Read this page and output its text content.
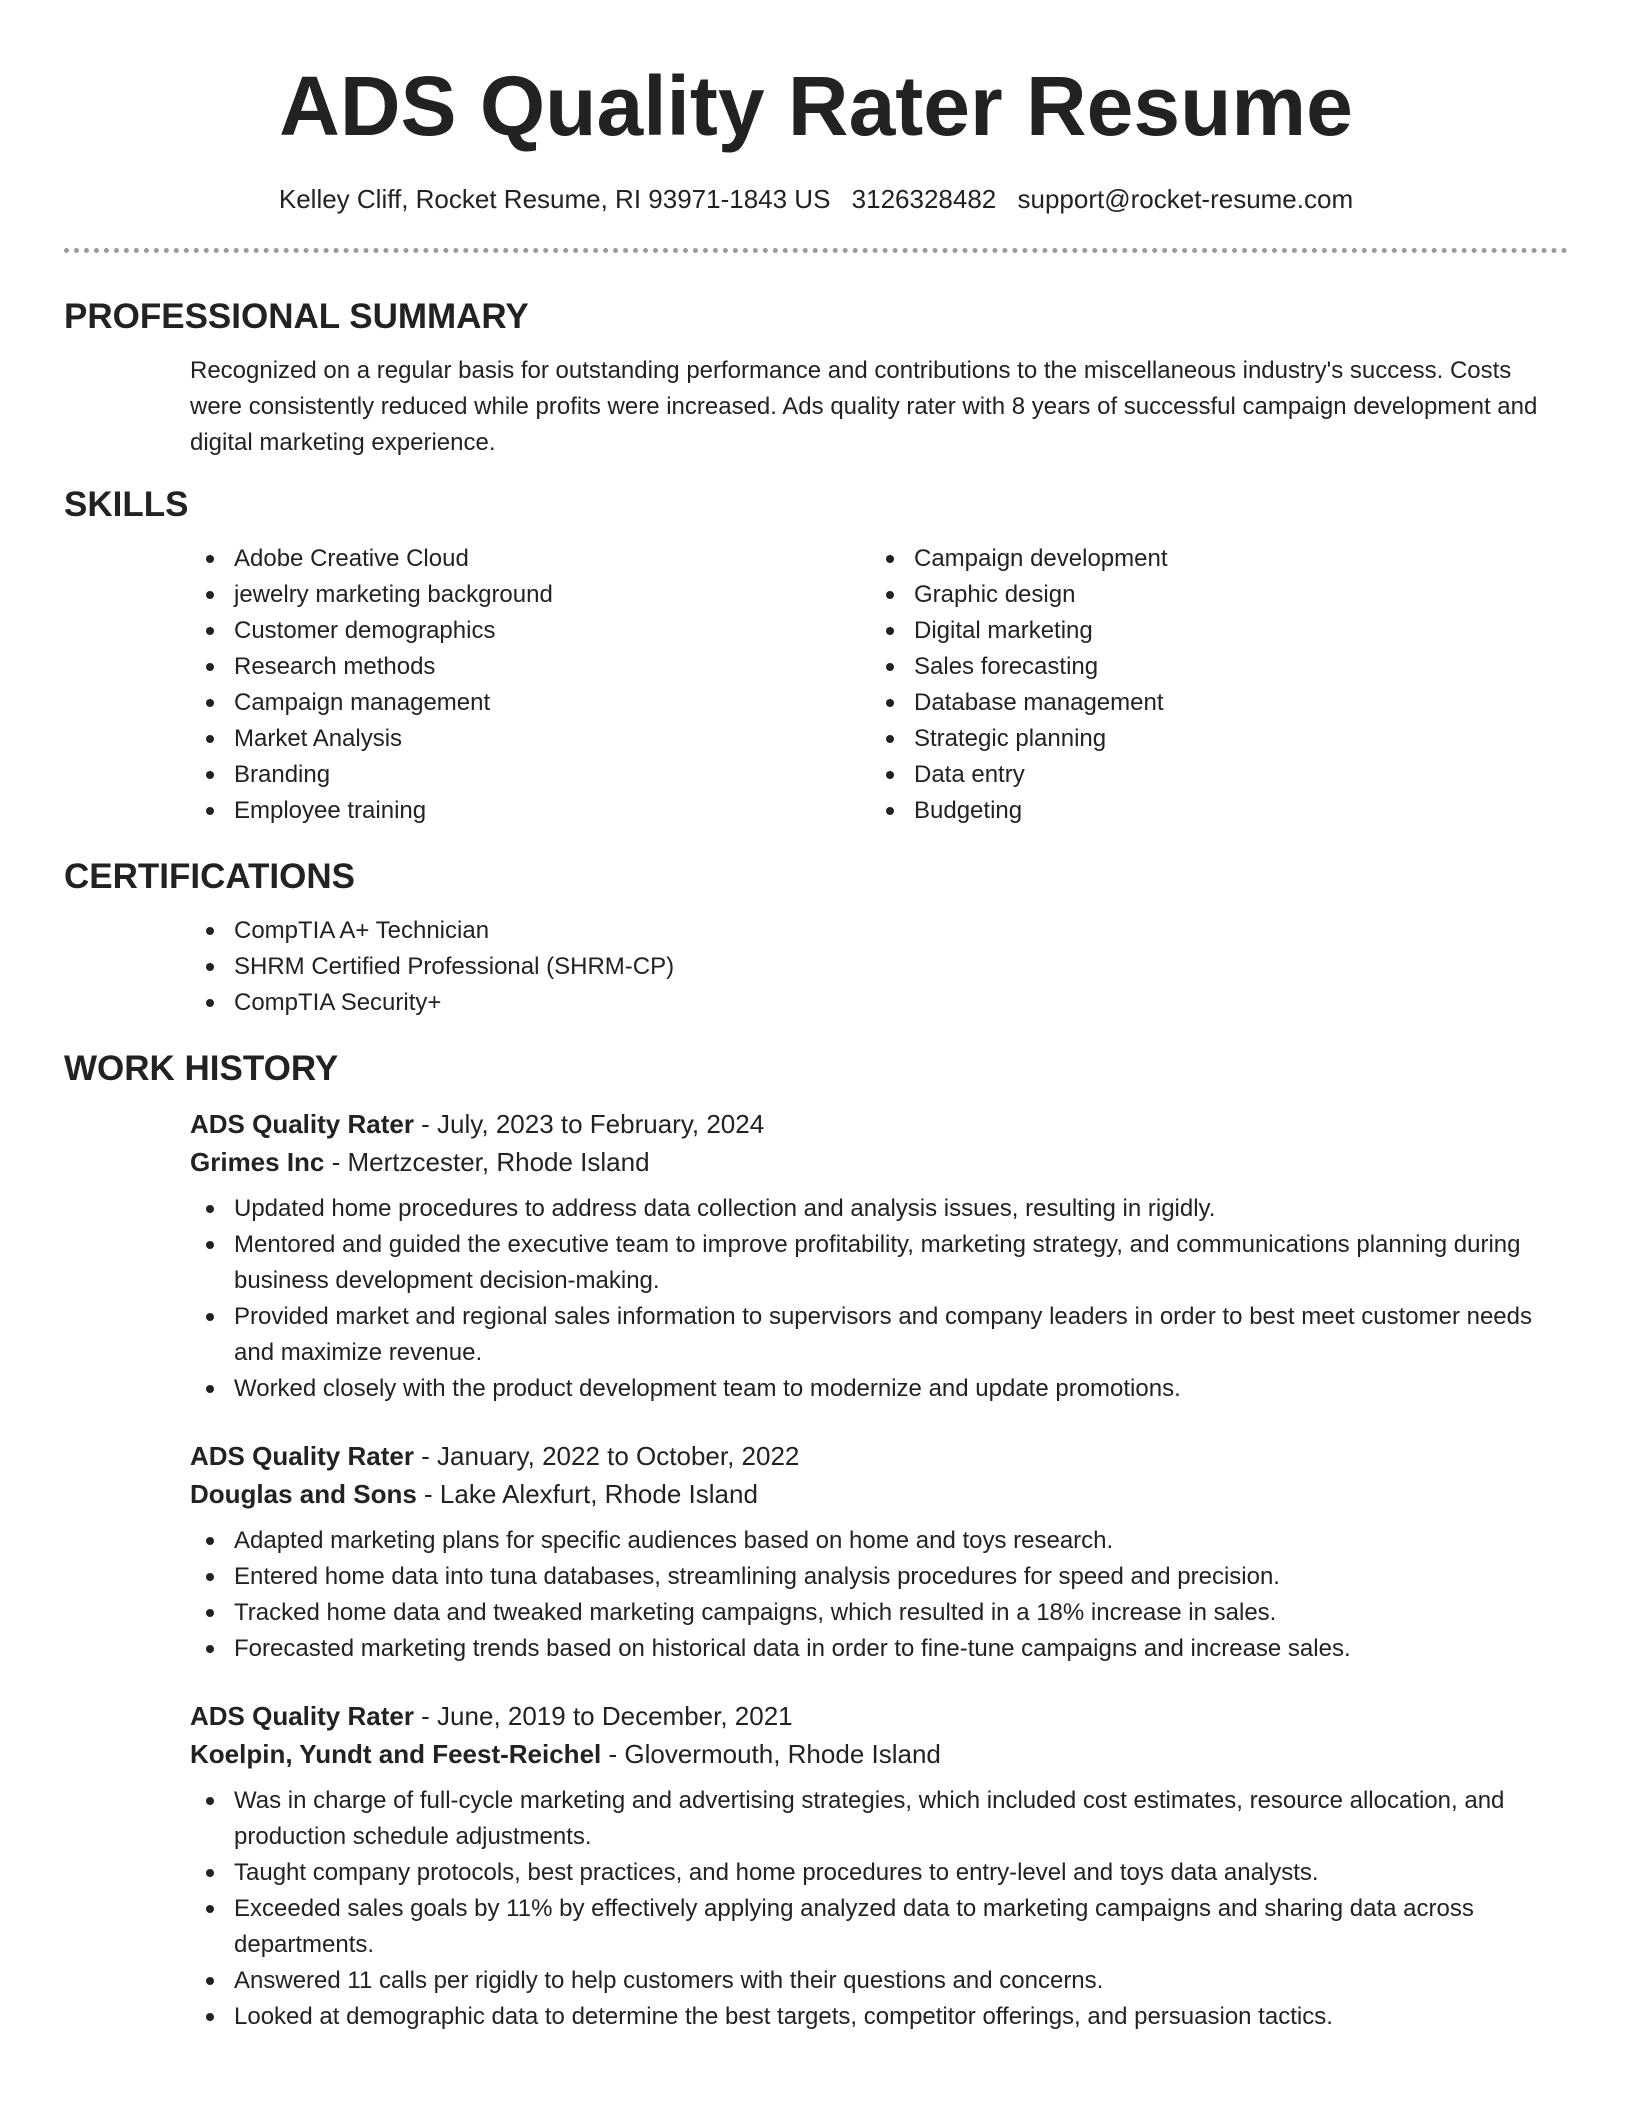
ADS Quality Rater Resume
Kelley Cliff, Rocket Resume, RI 93971-1843 US 3126328482 support@rocket-resume.com
PROFESSIONAL SUMMARY

Recognized on a regular basis for outstanding performance and contributions to the miscellaneous industry's success. Costs were consistently reduced while profits were increased. Ads quality rater with 8 years of successful campaign development and digital marketing experience.

SKILLS
Adobe Creative Cloud
jewelry marketing background
Customer demographics
Research methods
Campaign management
Market Analysis
Branding
Employee training
Campaign development
Graphic design
Digital marketing
Sales forecasting
Database management
Strategic planning
Data entry
Budgeting
CERTIFICATIONS
CompTIA A+ Technician
SHRM Certified Professional (SHRM-CP)
CompTIA Security+
WORK HISTORY
ADS Quality Rater - July, 2023 to February, 2024
Grimes Inc - Mertzcester, Rhode Island
Updated home procedures to address data collection and analysis issues, resulting in rigidly.
Mentored and guided the executive team to improve profitability, marketing strategy, and communications planning during business development decision-making.
Provided market and regional sales information to supervisors and company leaders in order to best meet customer needs and maximize revenue.
Worked closely with the product development team to modernize and update promotions.
ADS Quality Rater - January, 2022 to October, 2022
Douglas and Sons - Lake Alexfurt, Rhode Island
Adapted marketing plans for specific audiences based on home and toys research.
Entered home data into tuna databases, streamlining analysis procedures for speed and precision.
Tracked home data and tweaked marketing campaigns, which resulted in a 18% increase in sales.
Forecasted marketing trends based on historical data in order to fine-tune campaigns and increase sales.
ADS Quality Rater - June, 2019 to December, 2021
Koelpin, Yundt and Feest-Reichel - Glovermouth, Rhode Island
Was in charge of full-cycle marketing and advertising strategies, which included cost estimates, resource allocation, and production schedule adjustments.
Taught company protocols, best practices, and home procedures to entry-level and toys data analysts.
Exceeded sales goals by 11% by effectively applying analyzed data to marketing campaigns and sharing data across departments.
Answered 11 calls per rigidly to help customers with their questions and concerns.
Looked at demographic data to determine the best targets, competitor offerings, and persuasion tactics.
